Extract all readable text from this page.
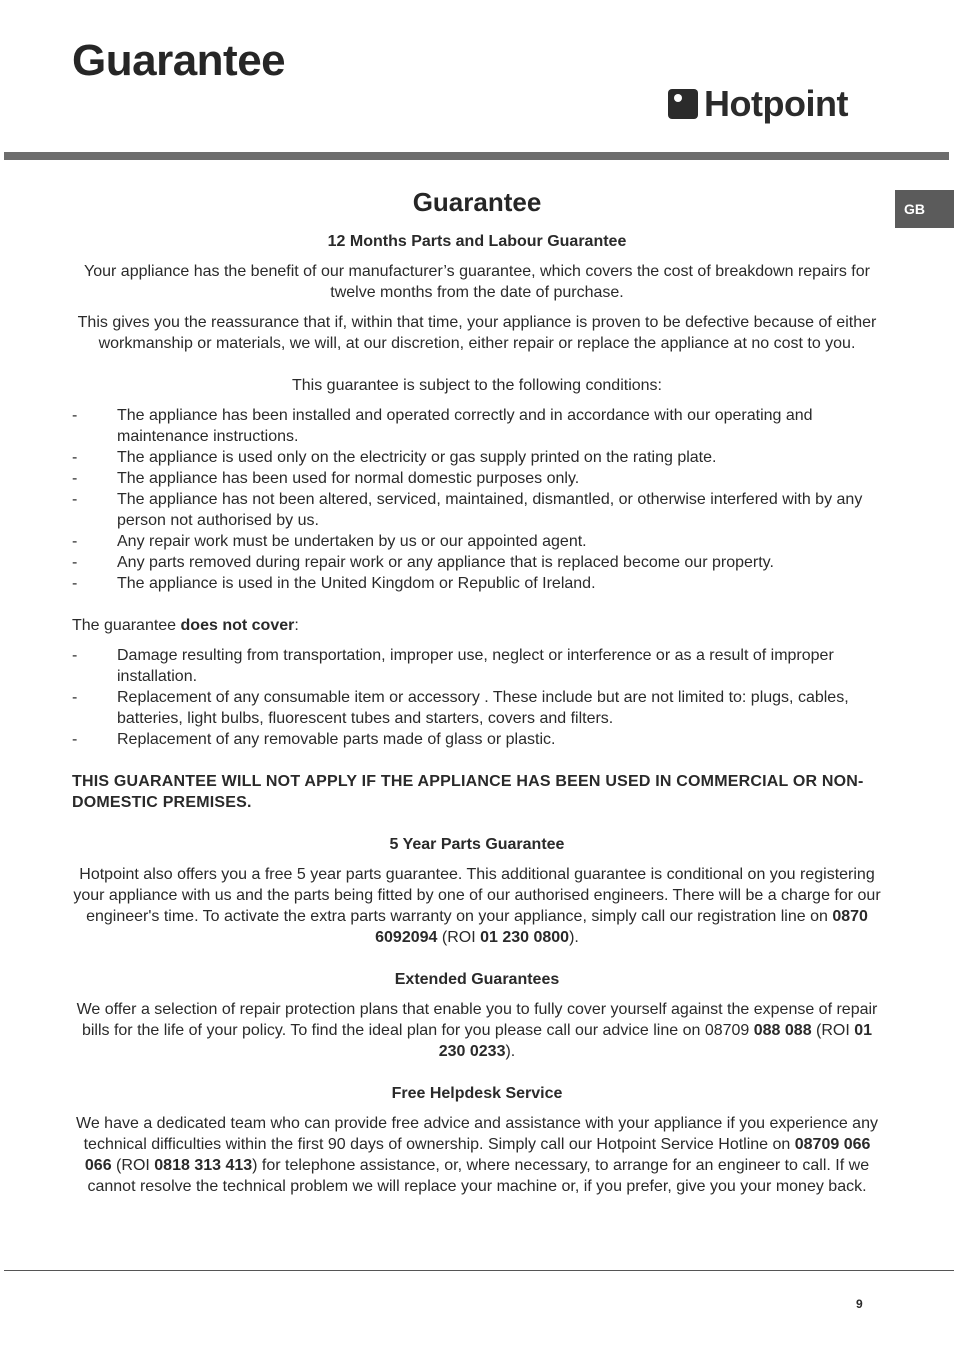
Guarantee
Hotpoint
GB
Guarantee
12 Months Parts and Labour Guarantee

Your appliance has the benefit of our manufacturer’s guarantee, which covers the cost of breakdown repairs for twelve months from the date of purchase.

This gives you the reassurance that if, within that time, your appliance is proven to be defective because of either workmanship or materials, we will, at our discretion, either repair or replace the appliance at no cost to you.

This guarantee is subject to the following conditions:

-	The appliance has been installed and operated correctly and in accordance with our operating and maintenance instructions.
-	The appliance is used only on the electricity or gas supply printed on the rating plate.
-	The appliance has been used for normal domestic purposes only.
-	The appliance has not been altered, serviced, maintained, dismantled, or otherwise interfered with by any person not authorised by us.
-	Any repair work must be undertaken by us or our appointed agent.
-	Any parts removed during repair work or any appliance that is replaced become our property.
-	The appliance is used in the United Kingdom or Republic of Ireland.

The guarantee does not cover:

-	Damage resulting from transportation, improper use, neglect or interference or as a result of improper installation.
-	Replacement of any consumable item or accessory . These include but are not limited to: plugs, cables, batteries, light bulbs, fluorescent tubes and starters, covers and filters.
-	Replacement of any removable parts made of glass or plastic.

THIS GUARANTEE WILL NOT APPLY IF THE APPLIANCE HAS BEEN USED IN COMMERCIAL OR NON-DOMESTIC PREMISES.

5 Year Parts Guarantee

Hotpoint also offers you a free 5 year parts guarantee. This additional guarantee is conditional on you registering your appliance with us and the parts being fitted by one of our authorised engineers. There will be a charge for our engineer's time. To activate the extra parts warranty on your appliance, simply call our registration line on 0870 6092094 (ROI 01 230 0800).

Extended Guarantees

We offer a selection of repair protection plans that enable you to fully cover yourself against the expense of repair bills for the life of your policy. To find the ideal plan for you please call our advice line on 08709 088 088 (ROI 01 230 0233).

Free Helpdesk Service

We have a dedicated team who can provide free advice and assistance with your appliance if you experience any technical difficulties within the first 90 days of ownership. Simply call our Hotpoint Service Hotline on 08709 066 066 (ROI 0818 313 413) for telephone assistance, or, where necessary, to arrange for an engineer to call. If we cannot resolve the technical problem we will replace your machine or, if you prefer, give you your money back.

9
